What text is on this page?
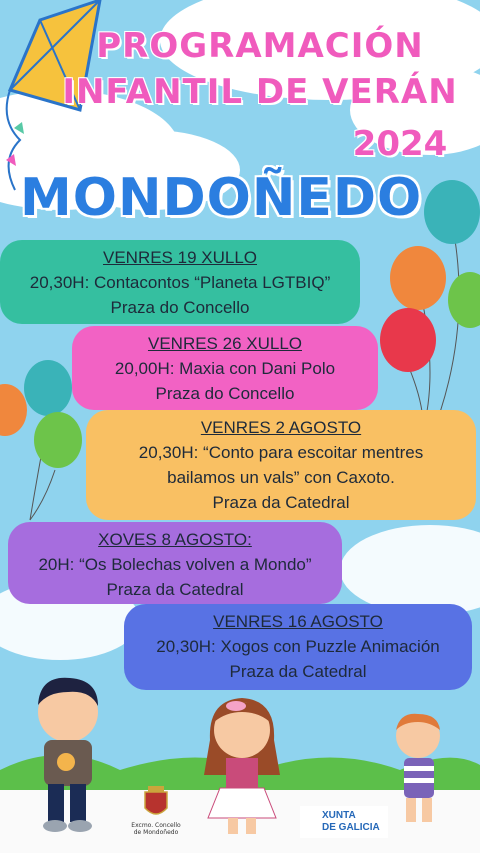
PROGRAMACIÓN
INFANTIL DE VERÁN
2024
MONDOÑEDO
VENRES 19 XULLO
20,30H: Contacontos “Planeta LGTBIQ”
Praza do Concello
VENRES 26 XULLO
20,00H: Maxia con Dani Polo
Praza do Concello
VENRES 2 AGOSTO
20,30H: “Conto para escoitar mentres
bailamos un vals” con Caxoto.
Praza da Catedral
XOVES 8 AGOSTO:
20H: “Os Bolechas volven a Mondo”
Praza da Catedral
VENRES 16 AGOSTO
20,30H: Xogos con Puzzle Animación
Praza da Catedral
Excmo. Concello
de Mondoñedo
XUNTA
DE GALICIA
